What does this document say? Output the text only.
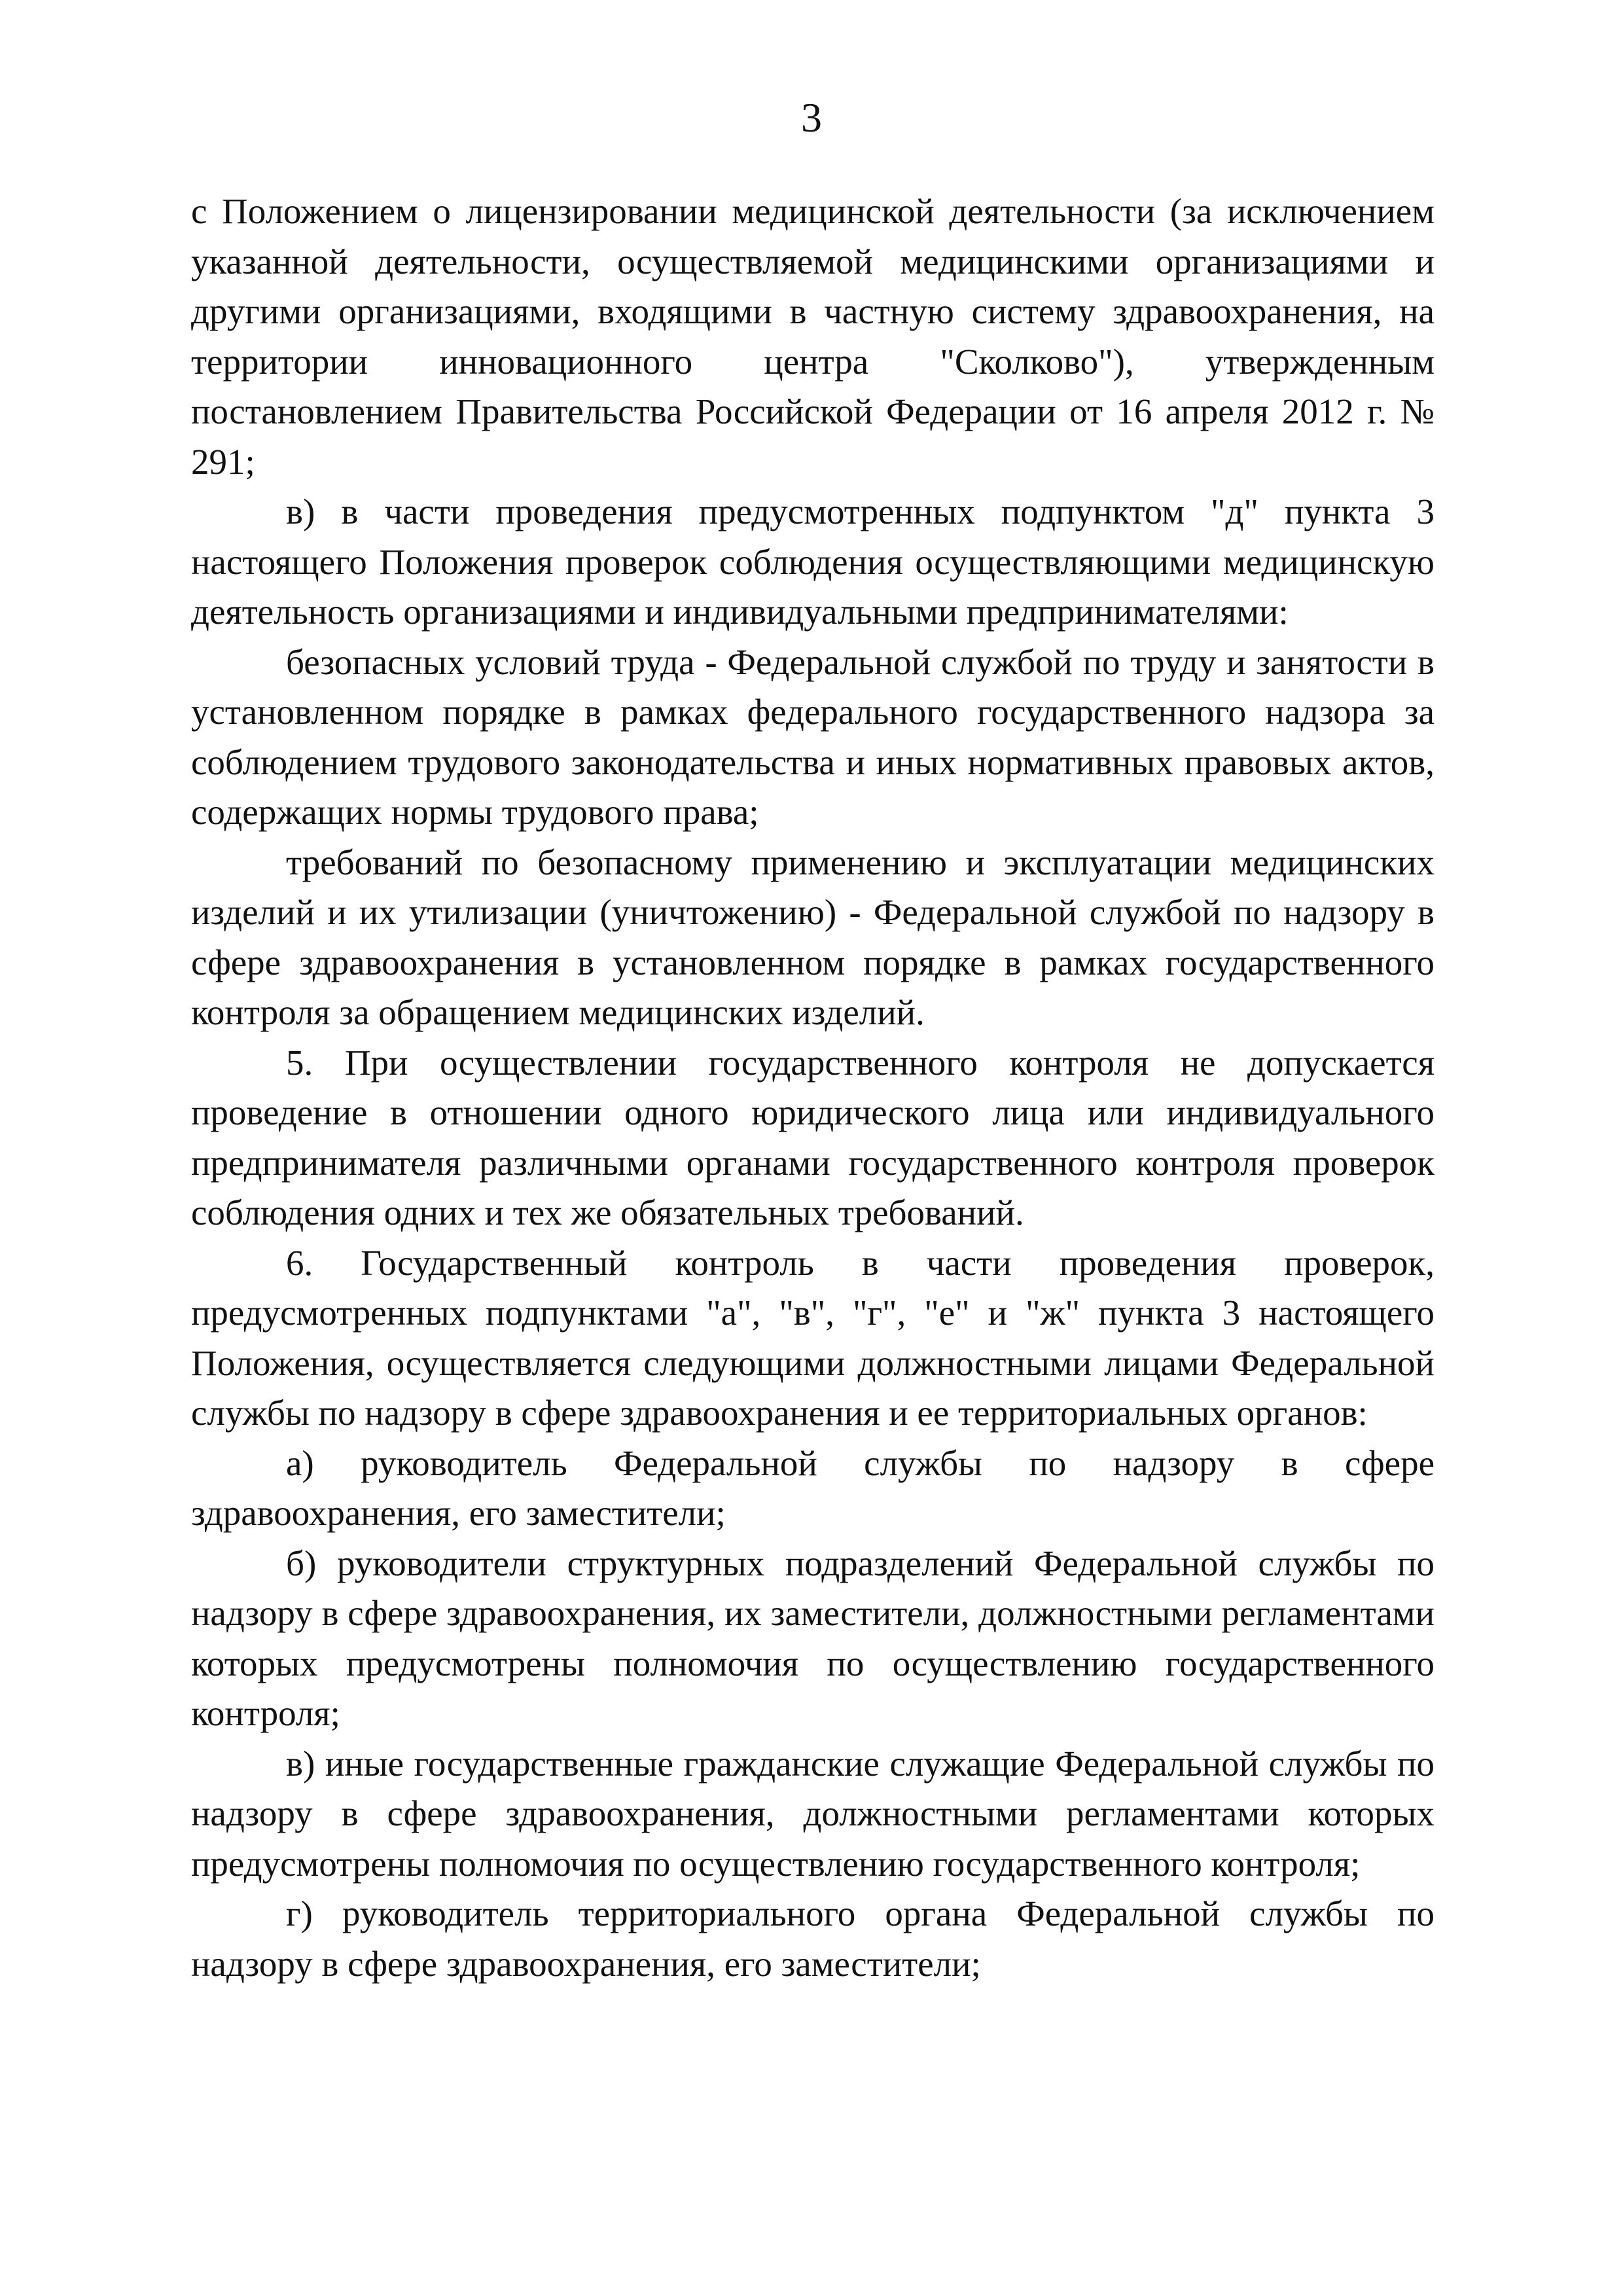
3

с Положением о лицензировании медицинской деятельности (за исключением указанной деятельности, осуществляемой медицинскими организациями и другими организациями, входящими в частную систему здравоохранения, на территории инновационного центра "Сколково"), утвержденным постановлением Правительства Российской Федерации от 16 апреля 2012 г. № 291;

в) в части проведения предусмотренных подпунктом "д" пункта 3 настоящего Положения проверок соблюдения осуществляющими медицинскую деятельность организациями и индивидуальными предпринимателями:

безопасных условий труда - Федеральной службой по труду и занятости в установленном порядке в рамках федерального государственного надзора за соблюдением трудового законодательства и иных нормативных правовых актов, содержащих нормы трудового права;

требований по безопасному применению и эксплуатации медицинских изделий и их утилизации (уничтожению) - Федеральной службой по надзору в сфере здравоохранения в установленном порядке в рамках государственного контроля за обращением медицинских изделий.

5. При осуществлении государственного контроля не допускается проведение в отношении одного юридического лица или индивидуального предпринимателя различными органами государственного контроля проверок соблюдения одних и тех же обязательных требований.

6. Государственный контроль в части проведения проверок, предусмотренных подпунктами "а", "в", "г", "е" и "ж" пункта 3 настоящего Положения, осуществляется следующими должностными лицами Федеральной службы по надзору в сфере здравоохранения и ее территориальных органов:

а) руководитель Федеральной службы по надзору в сфере здравоохранения, его заместители;

б) руководители структурных подразделений Федеральной службы по надзору в сфере здравоохранения, их заместители, должностными регламентами которых предусмотрены полномочия по осуществлению государственного контроля;

в) иные государственные гражданские служащие Федеральной службы по надзору в сфере здравоохранения, должностными регламентами которых предусмотрены полномочия по осуществлению государственного контроля;

г) руководитель территориального органа Федеральной службы по надзору в сфере здравоохранения, его заместители;
